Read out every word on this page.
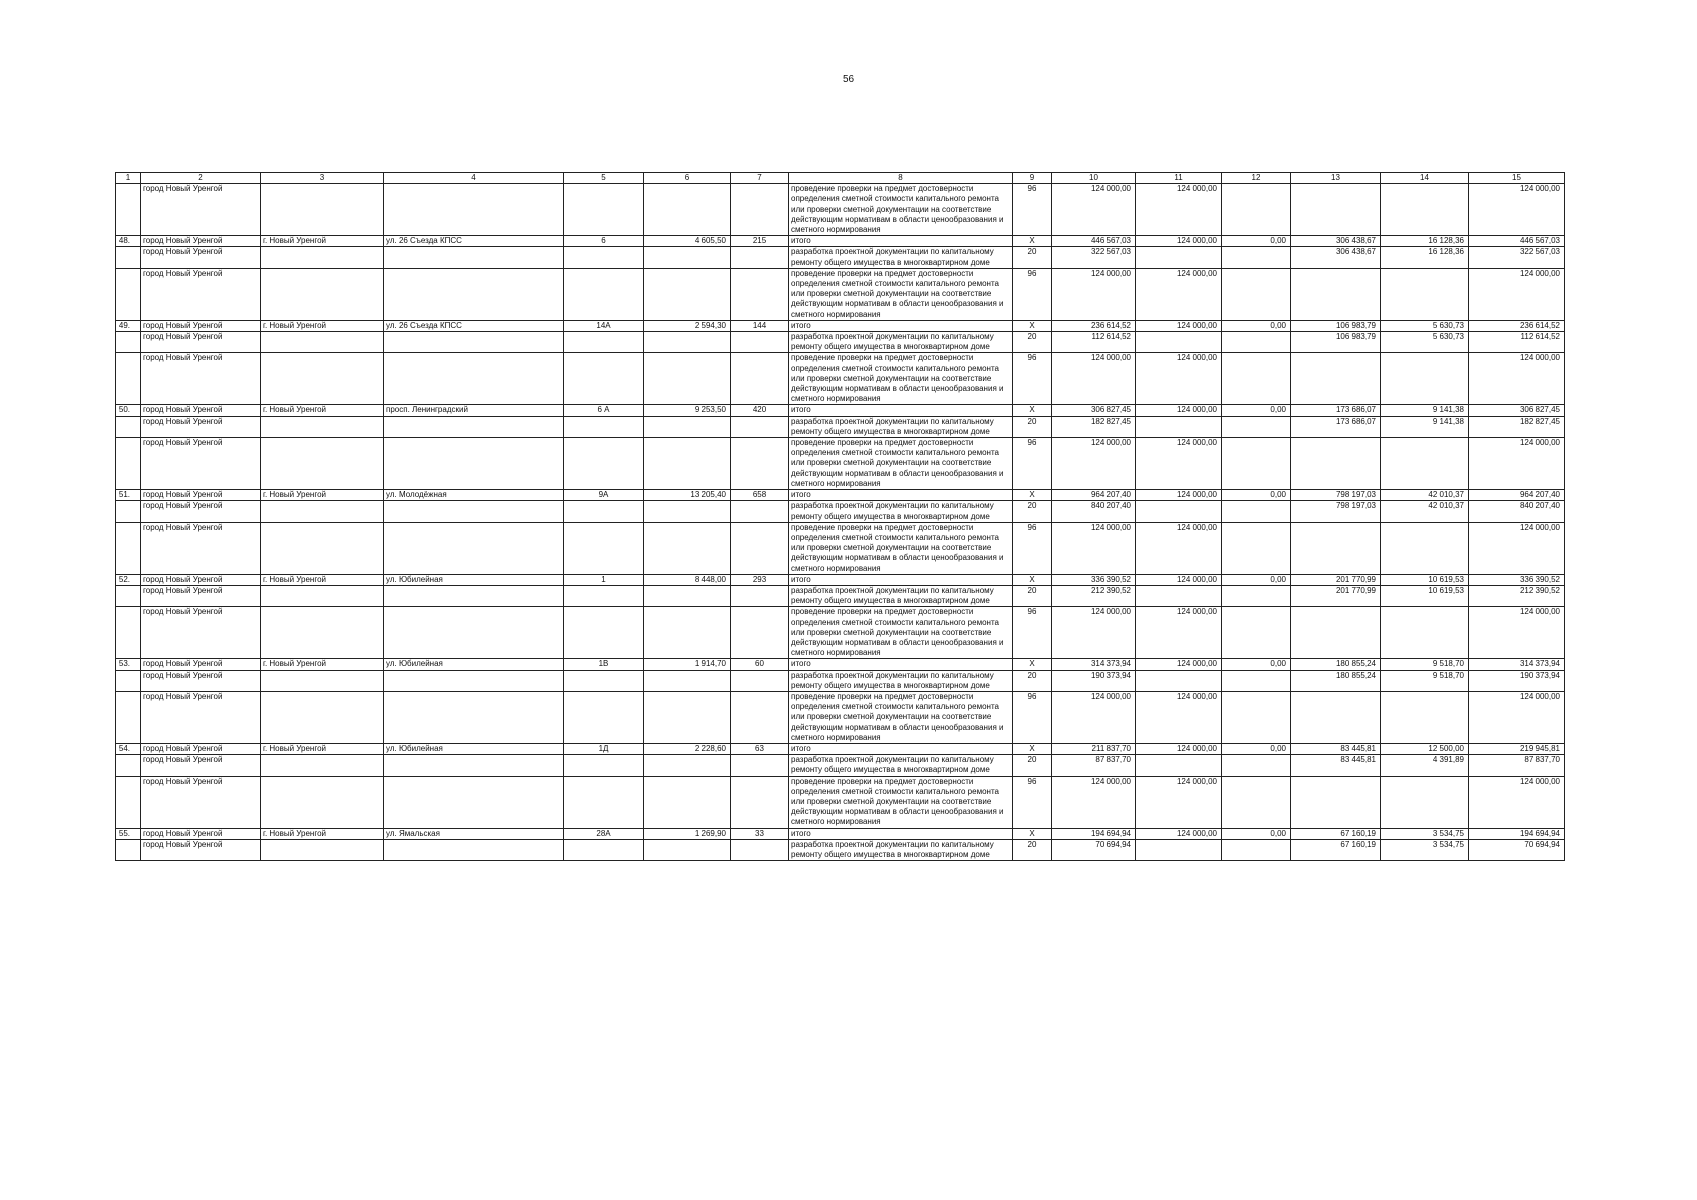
56
1	2	3	4	5	6	7	8	9	10	11	12	13	14	15
	город Новый Уренгой						проведение проверки на предмет достоверности определения сметной стоимости капитального ремонта или проверки сметной документации на соответствие действующим нормативам в области ценообразования и сметного нормирования	96	124 000,00	124 000,00				124 000,00
48.	город Новый Уренгой	г. Новый Уренгой	ул. 26 Съезда КПСС	6	4 605,50	215	итого	X	446 567,03	124 000,00	0,00	306 438,67	16 128,36	446 567,03
	город Новый Уренгой						разработка проектной документации по капитальному ремонту общего имущества в многоквартирном доме	20	322 567,03			306 438,67	16 128,36	322 567,03
	город Новый Уренгой						проведение проверки на предмет достоверности определения сметной стоимости капитального ремонта или проверки сметной документации на соответствие действующим нормативам в области ценообразования и сметного нормирования	96	124 000,00	124 000,00				124 000,00
49.	город Новый Уренгой	г. Новый Уренгой	ул. 26 Съезда КПСС	14А	2 594,30	144	итого	X	236 614,52	124 000,00	0,00	106 983,79	5 630,73	236 614,52
	город Новый Уренгой						разработка проектной документации по капитальному ремонту общего имущества в многоквартирном доме	20	112 614,52			106 983,79	5 630,73	112 614,52
	город Новый Уренгой						проведение проверки на предмет достоверности определения сметной стоимости капитального ремонта или проверки сметной документации на соответствие действующим нормативам в области ценообразования и сметного нормирования	96	124 000,00	124 000,00				124 000,00
50.	город Новый Уренгой	г. Новый Уренгой	просп. Ленинградский	6 А	9 253,50	420	итого	X	306 827,45	124 000,00	0,00	173 686,07	9 141,38	306 827,45
	город Новый Уренгой						разработка проектной документации по капитальному ремонту общего имущества в многоквартирном доме	20	182 827,45			173 686,07	9 141,38	182 827,45
	город Новый Уренгой						проведение проверки на предмет достоверности определения сметной стоимости капитального ремонта или проверки сметной документации на соответствие действующим нормативам в области ценообразования и сметного нормирования	96	124 000,00	124 000,00				124 000,00
51.	город Новый Уренгой	г. Новый Уренгой	ул. Молодёжная	9А	13 205,40	658	итого	X	964 207,40	124 000,00	0,00	798 197,03	42 010,37	964 207,40
	город Новый Уренгой						разработка проектной документации по капитальному ремонту общего имущества в многоквартирном доме	20	840 207,40			798 197,03	42 010,37	840 207,40
	город Новый Уренгой						проведение проверки на предмет достоверности определения сметной стоимости капитального ремонта или проверки сметной документации на соответствие действующим нормативам в области ценообразования и сметного нормирования	96	124 000,00	124 000,00				124 000,00
52.	город Новый Уренгой	г. Новый Уренгой	ул. Юбилейная	1	8 448,00	293	итого	X	336 390,52	124 000,00	0,00	201 770,99	10 619,53	336 390,52
	город Новый Уренгой						разработка проектной документации по капитальному ремонту общего имущества в многоквартирном доме	20	212 390,52			201 770,99	10 619,53	212 390,52
	город Новый Уренгой						проведение проверки на предмет достоверности определения сметной стоимости капитального ремонта или проверки сметной документации на соответствие действующим нормативам в области ценообразования и сметного нормирования	96	124 000,00	124 000,00				124 000,00
53.	город Новый Уренгой	г. Новый Уренгой	ул. Юбилейная	1В	1 914,70	60	итого	X	314 373,94	124 000,00	0,00	180 855,24	9 518,70	314 373,94
	город Новый Уренгой						разработка проектной документации по капитальному ремонту общего имущества в многоквартирном доме	20	190 373,94			180 855,24	9 518,70	190 373,94
	город Новый Уренгой						проведение проверки на предмет достоверности определения сметной стоимости капитального ремонта или проверки сметной документации на соответствие действующим нормативам в области ценообразования и сметного нормирования	96	124 000,00	124 000,00				124 000,00
54.	город Новый Уренгой	г. Новый Уренгой	ул. Юбилейная	1Д	2 228,60	63	итого	X	211 837,70	124 000,00	0,00	83 445,81	12 500,00	219 945,81
	город Новый Уренгой						разработка проектной документации по капитальному ремонту общего имущества в многоквартирном доме	20	87 837,70			83 445,81	4 391,89	87 837,70
	город Новый Уренгой						проведение проверки на предмет достоверности определения сметной стоимости капитального ремонта или проверки сметной документации на соответствие действующим нормативам в области ценообразования и сметного нормирования	96	124 000,00	124 000,00				124 000,00
55.	город Новый Уренгой	г. Новый Уренгой	ул. Ямальская	28А	1 269,90	33	итого	X	194 694,94	124 000,00	0,00	67 160,19	3 534,75	194 694,94
	город Новый Уренгой						разработка проектной документации по капитальному ремонту общего имущества в многоквартирном доме	20	70 694,94			67 160,19	3 534,75	70 694,94
